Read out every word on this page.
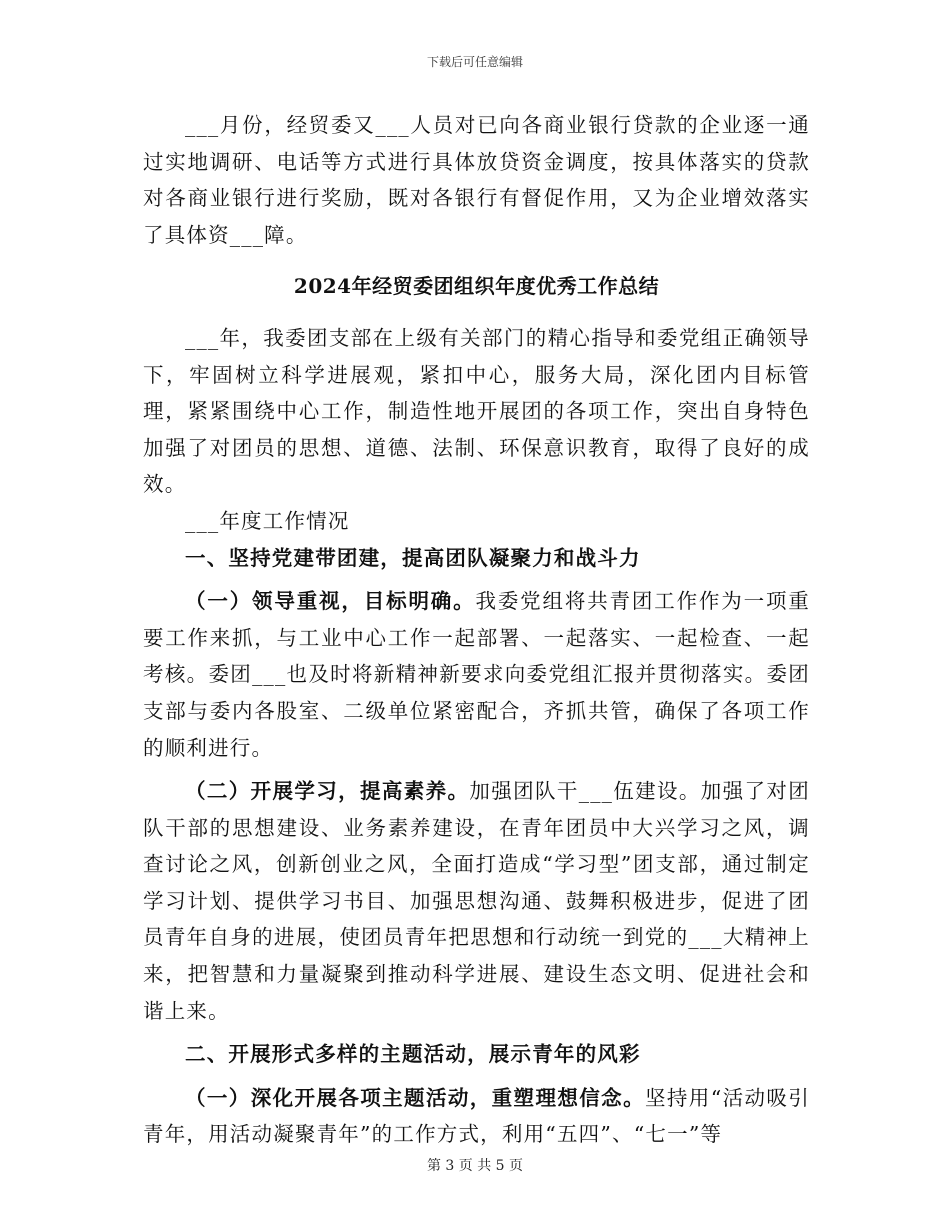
下载后可任意编辑

___月份，经贸委又___人员对已向各商业银行贷款的企业逐一通过实地调研、电话等方式进行具体放贷资金调度，按具体落实的贷款对各商业银行进行奖励，既对各银行有督促作用，又为企业增效落实了具体资___障。

2024年经贸委团组织年度优秀工作总结

___年，我委团支部在上级有关部门的精心指导和委党组正确领导下，牢固树立科学进展观，紧扣中心，服务大局，深化团内目标管理，紧紧围绕中心工作，制造性地开展团的各项工作，突出自身特色加强了对团员的思想、道德、法制、环保意识教育，取得了良好的成效。

___年度工作情况

一、坚持党建带团建，提高团队凝聚力和战斗力

（一）领导重视，目标明确。我委党组将共青团工作作为一项重要工作来抓，与工业中心工作一起部署、一起落实、一起检查、一起考核。委团___也及时将新精神新要求向委党组汇报并贯彻落实。委团支部与委内各股室、二级单位紧密配合，齐抓共管，确保了各项工作的顺利进行。

（二）开展学习，提高素养。加强团队干___伍建设。加强了对团队干部的思想建设、业务素养建设，在青年团员中大兴学习之风，调查讨论之风，创新创业之风，全面打造成“学习型”团支部，通过制定学习计划、提供学习书目、加强思想沟通、鼓舞积极进步，促进了团员青年自身的进展，使团员青年把思想和行动统一到党的___大精神上来，把智慧和力量凝聚到推动科学进展、建设生态文明、促进社会和谐上来。

二、开展形式多样的主题活动，展示青年的风彩

（一）深化开展各项主题活动，重塑理想信念。坚持用“活动吸引青年，用活动凝聚青年”的工作方式，利用“五四”、“七一”等

第 3 页 共 5 页
